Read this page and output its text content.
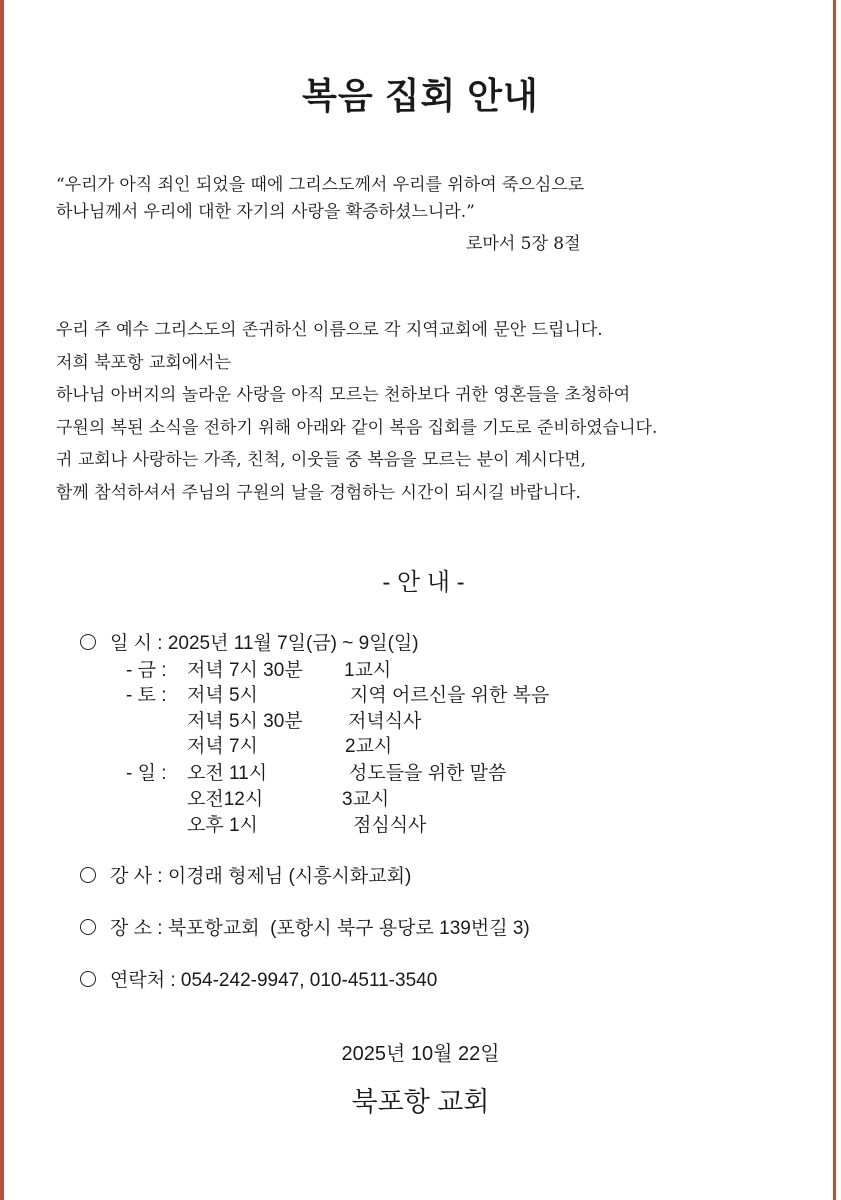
복음 집회 안내
“우리가 아직 죄인 되었을 때에 그리스도께서 우리를 위하여 죽으심으로
하나님께서 우리에 대한 자기의 사랑을 확증하셨느니라.”
로마서 5장 8절
우리 주 예수 그리스도의 존귀하신 이름으로 각 지역교회에 문안 드립니다.
저희 북포항 교회에서는
하나님 아버지의 놀라운 사랑을 아직 모르는 천하보다 귀한 영혼들을 초청하여
구원의 복된 소식을 전하기 위해 아래와 같이 복음 집회를 기도로 준비하였습니다.
귀 교회나 사랑하는 가족, 친척, 이웃들 중 복음을 모르는 분이 계시다면,
함께 참석하셔서 주님의 구원의 날을 경험하는 시간이 되시길 바랍니다.
- 안 내 -
일 시 : 2025년 11월 7일(금) ~ 9일(일)
- 금 : 저녁 7시 30분 1교시
- 토 : 저녁 5시	지역 어르신을 위한 복음
저녁 5시 30분 저녁식사
저녁 7시	2교시
- 일 : 오전 11시	성도들을 위한 말씀
오전12시	3교시
오후 1시	점심식사
강 사 : 이경래 형제님 (시흥시화교회)
장 소 : 북포항교회  (포항시 북구 용당로 139번길 3)
연락처 : 054-242-9947, 010-4511-3540
2025년 10월 22일
북포항 교회
